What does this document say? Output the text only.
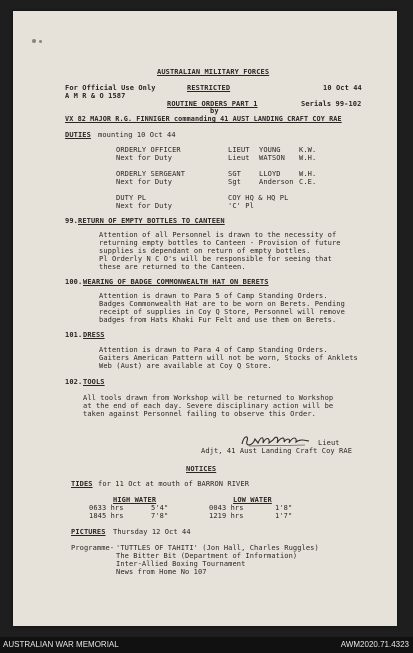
AUSTRALIAN MILITARY FORCES
For Official Use Only	RESTRICTED	10 Oct 44
A M R & O 1587
ROUTINE ORDERS PART 1	Serials 99-102
by
VX 82 MAJOR R.G. FINNIGER commanding 41 AUST LANDING CRAFT COY RAE
DUTIES mounting 10 Oct 44
ORDERLY OFFICER	LIEUT YOUNG	K.W.
Next for Duty	Lieut WATSON W.H.
ORDERLY SERGEANT	SGT	LLOYD	W.H.
Next for Duty	Sgt	Anderson C.E.
DUTY PL	COY HQ & HQ PL
Next for Duty	'C' Pl
99. RETURN OF EMPTY BOTTLES TO CANTEEN
Attention of all Personnel is drawn to the necessity of
returning empty bottles to Canteen - Provision of future
supplies is dependant on return of empty bottles.
Pl Orderly N C O's will be responsible for seeing that
these are returned to the Canteen.
100. WEARING OF BADGE COMMONWEALTH HAT ON BERETS
Attention is drawn to Para 5 of Camp Standing Orders.
Badges Commonwealth Hat are to be worn on Berets. Pending
receipt of supplies in Coy Q Store, Personnel will remove
badges from Hats Khaki Fur Felt and use them on Berets.
101. DRESS
Attention is drawn to Para 4 of Camp Standing Orders.
Gaiters American Pattern will not be worn, Stocks of Anklets
Web (Aust) are available at Coy Q Store.
102. TOOLS
All tools drawn from Workshop will be returned to Workshop
at the end of each day. Severe disciplinary action will be
taken against Personnel failing to observe this Order.
Lieut
Adjt, 41 Aust Landing Craft Coy RAE
NOTICES
TIDES for 11 Oct at mouth of BARRON RIVER
HIGH WATER	LOW WATER
0633 hrs	5'4"	0043 hrs	1'8"
1845 hrs	7'8"	1219 hrs	1'7"
PICTURES Thursday 12 Oct 44
Programme- 'TUTTLES OF TAHITI' (Jon Hall, Charles Ruggles)
The Bitter Bit (Department of Information)
Inter-Allied Boxing Tournament
News from Home No 107
AUSTRALIAN WAR MEMORIAL	AWM2020.71.4323
